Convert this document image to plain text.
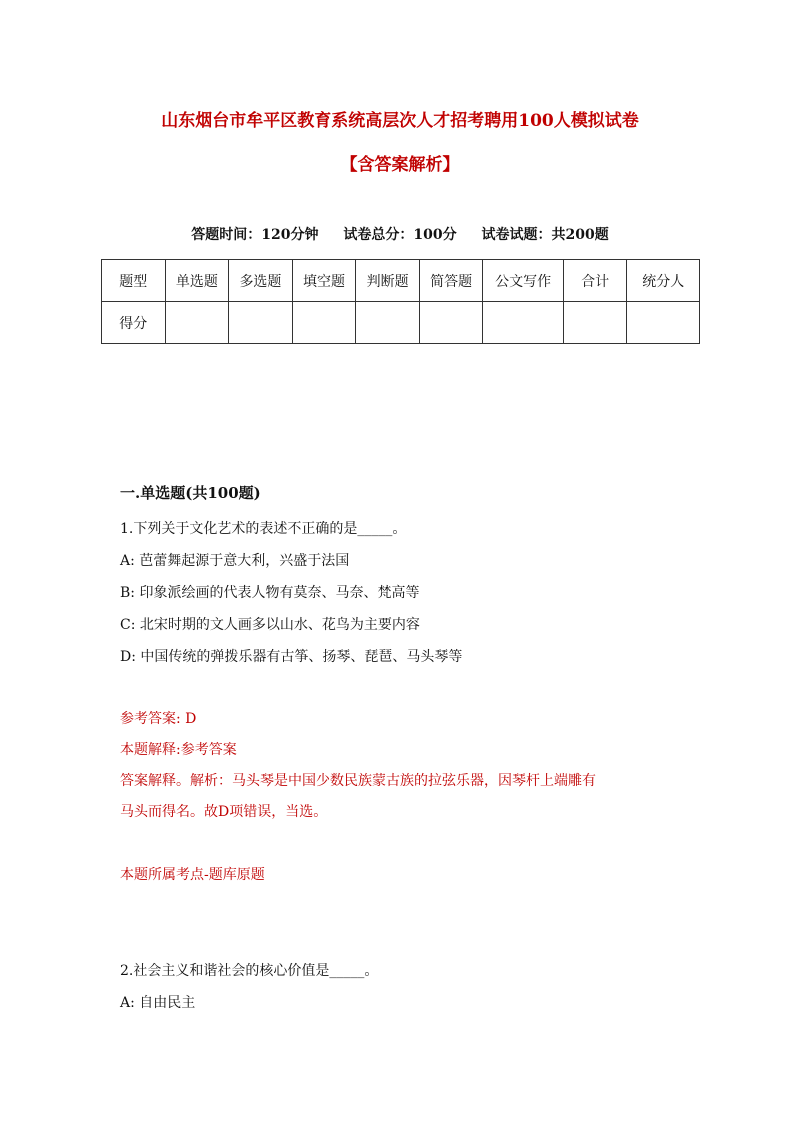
山东烟台市牟平区教育系统高层次人才招考聘用100人模拟试卷
【含答案解析】
答题时间：120分钟 试卷总分：100分 试卷试题：共200题
题型	单选题	多选题	填空题	判断题	简答题	公文写作	合计	统分人
得分								
一.单选题(共100题)
1.下列关于文化艺术的表述不正确的是_____。
A: 芭蕾舞起源于意大利，兴盛于法国
B: 印象派绘画的代表人物有莫奈、马奈、梵高等
C: 北宋时期的文人画多以山水、花鸟为主要内容
D: 中国传统的弹拨乐器有古筝、扬琴、琵琶、马头琴等
参考答案: D
本题解释:参考答案
答案解释。解析：马头琴是中国少数民族蒙古族的拉弦乐器，因琴杆上端雕有
马头而得名。故D项错误，当选。
本题所属考点-题库原题
2.社会主义和谐社会的核心价值是_____。
A: 自由民主
